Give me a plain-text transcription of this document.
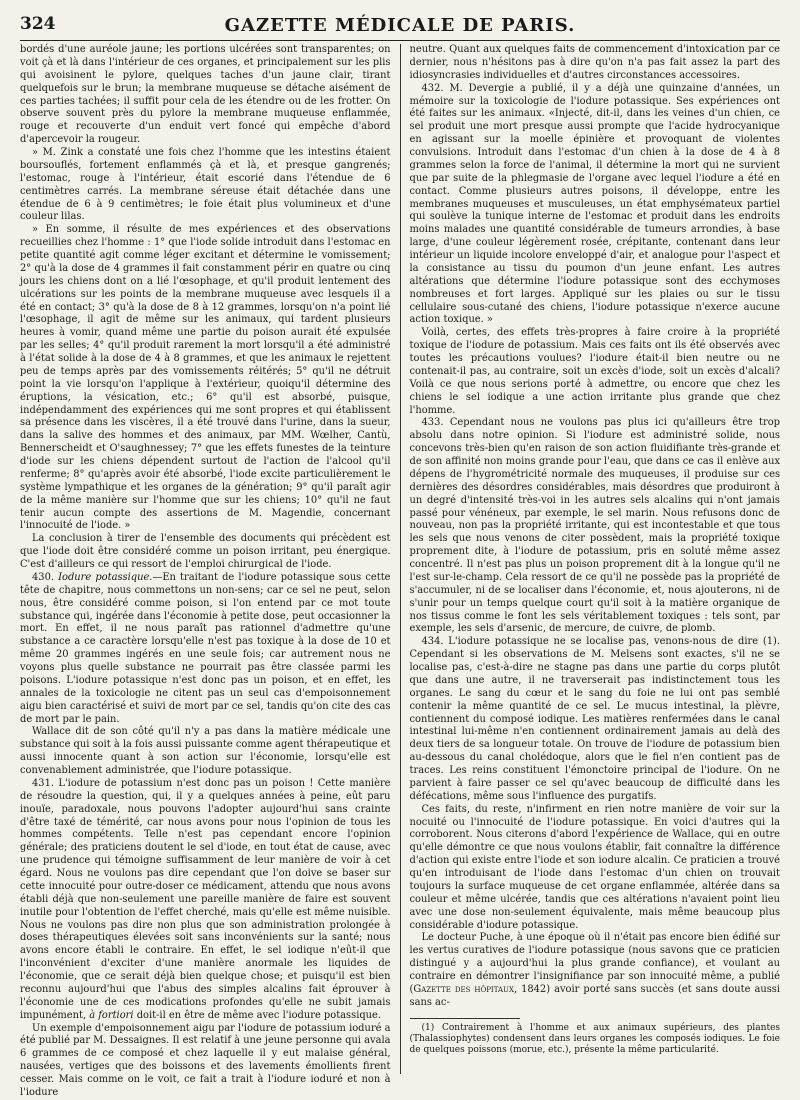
324	GAZETTE MÉDICALE DE PARIS.

bordés d'une auréole jaune; les portions ulcérées sont transparentes; on voit çà et là dans l'intérieur de ces organes, et principalement sur les plis qui avoisinent le pylore, quelques taches d'un jaune clair, tirant quelquefois sur le brun; la membrane muqueuse se détache aisément de ces parties tachées; il suffit pour cela de les étendre ou de les frotter. On observe souvent près du pylore la membrane muqueuse enflammée, rouge et recouverte d'un enduit vert foncé qui empêche d'abord d'apercevoir la rougeur.

» M. Zink a constaté une fois chez l'homme que les intestins étaient boursouflés, fortement enflammés çà et là, et presque gangrenés; l'estomac, rouge à l'intérieur, était escorié dans l'étendue de 6 centimètres carrés. La membrane séreuse était détachée dans une étendue de 6 à 9 centimètres; le foie était plus volumineux et d'une couleur lilas.

» En somme, il résulte de mes expériences et des observations recueillies chez l'homme : 1° que l'iode solide introduit dans l'estomac en petite quantité agit comme léger excitant et détermine le vomissement; 2° qu'à la dose de 4 grammes il fait constamment périr en quatre ou cinq jours les chiens dont on a lié l'œsophage, et qu'il produit lentement des ulcérations sur les points de la membrane muqueuse avec lesquels il a été en contact; 3° qu'à la dose de 8 à 12 grammes, lorsqu'on n'a point lié l'œsophage, il agit de même sur les animaux, qui tardent plusieurs heures à vomir, quand même une partie du poison aurait été expulsée par les selles; 4° qu'il produit rarement la mort lorsqu'il a été administré à l'état solide à la dose de 4 à 8 grammes, et que les animaux le rejettent peu de temps après par des vomissements réitérés; 5° qu'il ne détruit point la vie lorsqu'on l'applique à l'extérieur, quoiqu'il détermine des éruptions, la vésication, etc.; 6° qu'il est absorbé, puisque, indépendamment des expériences qui me sont propres et qui établissent sa présence dans les viscères, il a été trouvé dans l'urine, dans la sueur, dans la salive des hommes et des animaux, par MM. Wœlher, Cantù, Bennerscheidt et O'saughnessey; 7° que les effets funestes de la teinture d'iode sur les chiens dépendent surtout de l'action de l'alcool qu'il renferme; 8° qu'après avoir été absorbé, l'iode excite particulièrement le système lympathique et les organes de la génération; 9° qu'il paraît agir de la même manière sur l'homme que sur les chiens; 10° qu'il ne faut tenir aucun compte des assertions de M. Magendie, concernant l'innocuité de l'iode. »

La conclusion à tirer de l'ensemble des documents qui précèdent est que l'iode doit être considéré comme un poison irritant, peu énergique. C'est d'ailleurs ce qui ressort de l'emploi chirurgical de l'iode.

430. Iodure potassique.—En traitant de l'iodure potassique sous cette tête de chapitre, nous commettons un non-sens; car ce sel ne peut, selon nous, être considéré comme poison, si l'on entend par ce mot toute substance qui, ingérée dans l'économie à petite dose, peut occasionner la mort. En effet, il ne nous paraît pas rationnel d'admettre qu'une substance a ce caractère lorsqu'elle n'est pas toxique à la dose de 10 et même 20 grammes ingérés en une seule fois; car autrement nous ne voyons plus quelle substance ne pourrait pas être classée parmi les poisons. L'iodure potassique n'est donc pas un poison, et en effet, les annales de la toxicologie ne citent pas un seul cas d'empoisonnement aigu bien caractérisé et suivi de mort par ce sel, tandis qu'on cite des cas de mort par le pain.

Wallace dit de son côté qu'il n'y a pas dans la matière médicale une substance qui soit à la fois aussi puissante comme agent thérapeutique et aussi innocente quant à son action sur l'économie, lorsqu'elle est convenablement administrée, que l'iodure potassique.

431. L'iodure de potassium n'est donc pas un poison ! Cette manière de résoudre la question, qui, il y a quelques années à peine, eût paru inouïe, paradoxale, nous pouvons l'adopter aujourd'hui sans crainte d'être taxé de témérité, car nous avons pour nous l'opinion de tous les hommes compétents. Telle n'est pas cependant encore l'opinion générale; des praticiens doutent le sel d'iode, en tout état de cause, avec une prudence qui témoigne suffisamment de leur manière de voir à cet égard. Nous ne voulons pas dire cependant que l'on doive se baser sur cette innocuité pour outre-doser ce médicament, attendu que nous avons établi déjà que non-seulement une pareille manière de faire est souvent inutile pour l'obtention de l'effet cherché, mais qu'elle est même nuisible. Nous ne voulons pas dire non plus que son administration prolongée à doses thérapeutiques élevées soit sans inconvénients sur la santé; nous avons encore établi le contraire. En effet, le sel iodique n'eût-il que l'inconvénient d'exciter d'une manière anormale les liquides de l'économie, que ce serait déjà bien quelque chose; et puisqu'il est bien reconnu aujourd'hui que l'abus des simples alcalins fait éprouver à l'économie une de ces modications profondes qu'elle ne subit jamais impunément, à fortiori doit-il en être de même avec l'iodure potassique.

Un exemple d'empoisonnement aigu par l'iodure de potassium ioduré a été publié par M. Dessaignes. Il est relatif à une jeune personne qui avala 6 grammes de ce composé et chez laquelle il y eut malaise général, nausées, vertiges que des boissons et des lavements émollients firent cesser. Mais comme on le voit, ce fait a trait à l'iodure ioduré et non à l'iodure

neutre. Quant aux quelques faits de commencement d'intoxication par ce dernier, nous n'hésitons pas à dire qu'on n'a pas fait assez la part des idiosyncrasies individuelles et d'autres circonstances accessoires.

432. M. Devergie a publié, il y a déjà une quinzaine d'années, un mémoire sur la toxicologie de l'iodure potassique. Ses expériences ont été faites sur les animaux. «Injecté, dit-il, dans les veines d'un chien, ce sel produit une mort presque aussi prompte que l'acide hydrocyanique en agissant sur la moelle épinière et provoquant de violentes convulsions. Introduit dans l'estomac d'un chien à la dose de 4 à 8 grammes selon la force de l'animal, il détermine la mort qui ne survient que par suite de la phlegmasie de l'organe avec lequel l'iodure a été en contact. Comme plusieurs autres poisons, il développe, entre les membranes muqueuses et musculeuses, un état emphysémateux partiel qui soulève la tunique interne de l'estomac et produit dans les endroits moins malades une quantité considérable de tumeurs arrondies, à base large, d'une couleur légèrement rosée, crépitante, contenant dans leur intérieur un liquide incolore enveloppé d'air, et analogue pour l'aspect et la consistance au tissu du poumon d'un jeune enfant. Les autres altérations que détermine l'iodure potassique sont des ecchymoses nombreuses et fort larges. Appliqué sur les plaies ou sur le tissu cellulaire sous-cutané des chiens, l'iodure potassique n'exerce aucune action toxique. »

Voilà, certes, des effets très-propres à faire croire à la propriété toxique de l'iodure de potassium. Mais ces faits ont ils été observés avec toutes les précautions voulues? l'iodure était-il bien neutre ou ne contenait-il pas, au contraire, soit un excès d'iode, soit un excès d'alcali? Voilà ce que nous serions porté à admettre, ou encore que chez les chiens le sel iodique a une action irritante plus grande que chez l'homme.

433. Cependant nous ne voulons pas plus ici qu'ailleurs être trop absolu dans notre opinion. Si l'iodure est administré solide, nous concevons très-bien qu'en raison de son action fluidifiante très-grande et de son affinité non moins grande pour l'eau, que dans ce cas il enlève aux dépens de l'hygrométricité normale des muqueuses, il produise sur ces dernières des désordres considérables, mais désordres que produiront à un degré d'intensité très-voi in les autres sels alcalins qui n'ont jamais passé pour vénéneux, par exemple, le sel marin. Nous refusons donc de nouveau, non pas la propriété irritante, qui est incontestable et que tous les sels que nous venons de citer possèdent, mais la propriété toxique proprement dite, à l'iodure de potassium, pris en soluté même assez concentré. Il n'est pas plus un poison proprement dit à la longue qu'il ne l'est sur-le-champ. Cela ressort de ce qu'il ne possède pas la propriété de s'accumuler, ni de se localiser dans l'économie, et, nous ajouterons, ni de s'unir pour un temps quelque court qu'il soit à la matière organique de nos tissus comme le font les sels véritablement toxiques : tels sont, par exemple, les sels d'arsenic, de mercure, de cuivre, de plomb.

434. L'iodure potassique ne se localise pas, venons-nous de dire (1). Cependant si les observations de M. Melsens sont exactes, s'il ne se localise pas, c'est-à-dire ne stagne pas dans une partie du corps plutôt que dans une autre, il ne traverserait pas indistinctement tous les organes. Le sang du cœur et le sang du foie ne lui ont pas semblé contenir la même quantité de ce sel. Le mucus intestinal, la plèvre, contiennent du composé iodique. Les matières renfermées dans le canal intestinal lui-même n'en contiennent ordinairement jamais au delà des deux tiers de sa longueur totale. On trouve de l'iodure de potassium bien au-dessous du canal cholédoque, alors que le fiel n'en contient pas de traces. Les reins constituent l'émonctoire principal de l'iodure. On ne parvient à faire passer ce sel qu'avec beaucoup de difficulté dans les défécations, même sous l'influence des purgatifs.

Ces faits, du reste, n'infirment en rien notre manière de voir sur la nocuité ou l'innocuité de l'iodure potassique. En voici d'autres qui la corroborent. Nous citerons d'abord l'expérience de Wallace, qui en outre qu'elle démontre ce que nous voulons établir, fait connaître la différence d'action qui existe entre l'iode et son iodure alcalin. Ce praticien a trouvé qu'en introduisant de l'iode dans l'estomac d'un chien on trouvait toujours la surface muqueuse de cet organe enflammée, altérée dans sa couleur et même ulcérée, tandis que ces altérations n'avaient point lieu avec une dose non-seulement équivalente, mais même beaucoup plus considérable d'iodure potassique.

Le docteur Puche, à une époque où il n'était pas encore bien édifié sur les vertus curatives de l'iodure potassique (nous savons que ce praticien distingué y a aujourd'hui la plus grande confiance), et voulant au contraire en démontrer l'insignifiance par son innocuité même, a publié (Gazette des hôpitaux, 1842) avoir porté sans succès (et sans doute aussi sans ac-

(1) Contrairement à l'homme et aux animaux supérieurs, des plantes (Thalassiophytes) condensent dans leurs organes les composés iodiques. Le foie de quelques poissons (morue, etc.), présente la même particularité.
